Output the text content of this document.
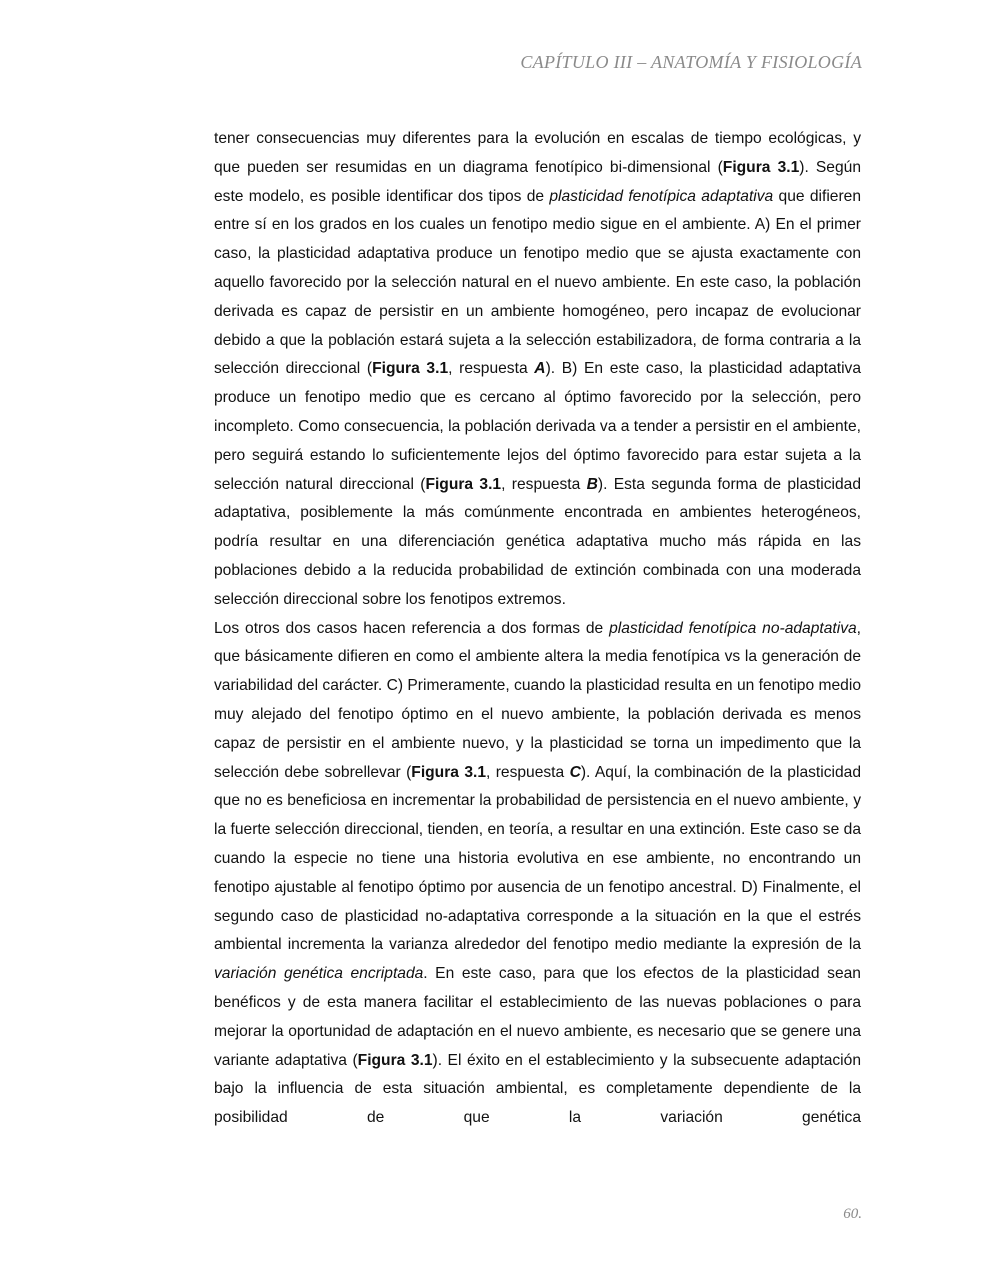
CAPÍTULO III – ANATOMÍA Y FISIOLOGÍA

tener consecuencias muy diferentes para la evolución en escalas de tiempo ecológicas, y que pueden ser resumidas en un diagrama fenotípico bi-dimensional (Figura 3.1). Según este modelo, es posible identificar dos tipos de plasticidad fenotípica adaptativa que difieren entre sí en los grados en los cuales un fenotipo medio sigue en el ambiente. A) En el primer caso, la plasticidad adaptativa produce un fenotipo medio que se ajusta exactamente con aquello favorecido por la selección natural en el nuevo ambiente. En este caso, la población derivada es capaz de persistir en un ambiente homogéneo, pero incapaz de evolucionar debido a que la población estará sujeta a la selección estabilizadora, de forma contraria a la selección direccional (Figura 3.1, respuesta A). B) En este caso, la plasticidad adaptativa produce un fenotipo medio que es cercano al óptimo favorecido por la selección, pero incompleto. Como consecuencia, la población derivada va a tender a persistir en el ambiente, pero seguirá estando lo suficientemente lejos del óptimo favorecido para estar sujeta a la selección natural direccional (Figura 3.1, respuesta B). Esta segunda forma de plasticidad adaptativa, posiblemente la más comúnmente encontrada en ambientes heterogéneos, podría resultar en una diferenciación genética adaptativa mucho más rápida en las poblaciones debido a la reducida probabilidad de extinción combinada con una moderada selección direccional sobre los fenotipos extremos.

Los otros dos casos hacen referencia a dos formas de plasticidad fenotípica no-adaptativa, que básicamente difieren en como el ambiente altera la media fenotípica vs la generación de variabilidad del carácter. C) Primeramente, cuando la plasticidad resulta en un fenotipo medio muy alejado del fenotipo óptimo en el nuevo ambiente, la población derivada es menos capaz de persistir en el ambiente nuevo, y la plasticidad se torna un impedimento que la selección debe sobrellevar (Figura 3.1, respuesta C). Aquí, la combinación de la plasticidad que no es beneficiosa en incrementar la probabilidad de persistencia en el nuevo ambiente, y la fuerte selección direccional, tienden, en teoría, a resultar en una extinción. Este caso se da cuando la especie no tiene una historia evolutiva en ese ambiente, no encontrando un fenotipo ajustable al fenotipo óptimo por ausencia de un fenotipo ancestral. D) Finalmente, el segundo caso de plasticidad no-adaptativa corresponde a la situación en la que el estrés ambiental incrementa la varianza alrededor del fenotipo medio mediante la expresión de la variación genética encriptada. En este caso, para que los efectos de la plasticidad sean benéficos y de esta manera facilitar el establecimiento de las nuevas poblaciones o para mejorar la oportunidad de adaptación en el nuevo ambiente, es necesario que se genere una variante adaptativa (Figura 3.1). El éxito en el establecimiento y la subsecuente adaptación bajo la influencia de esta situación ambiental, es completamente dependiente de la posibilidad de que la variación genética

60.
